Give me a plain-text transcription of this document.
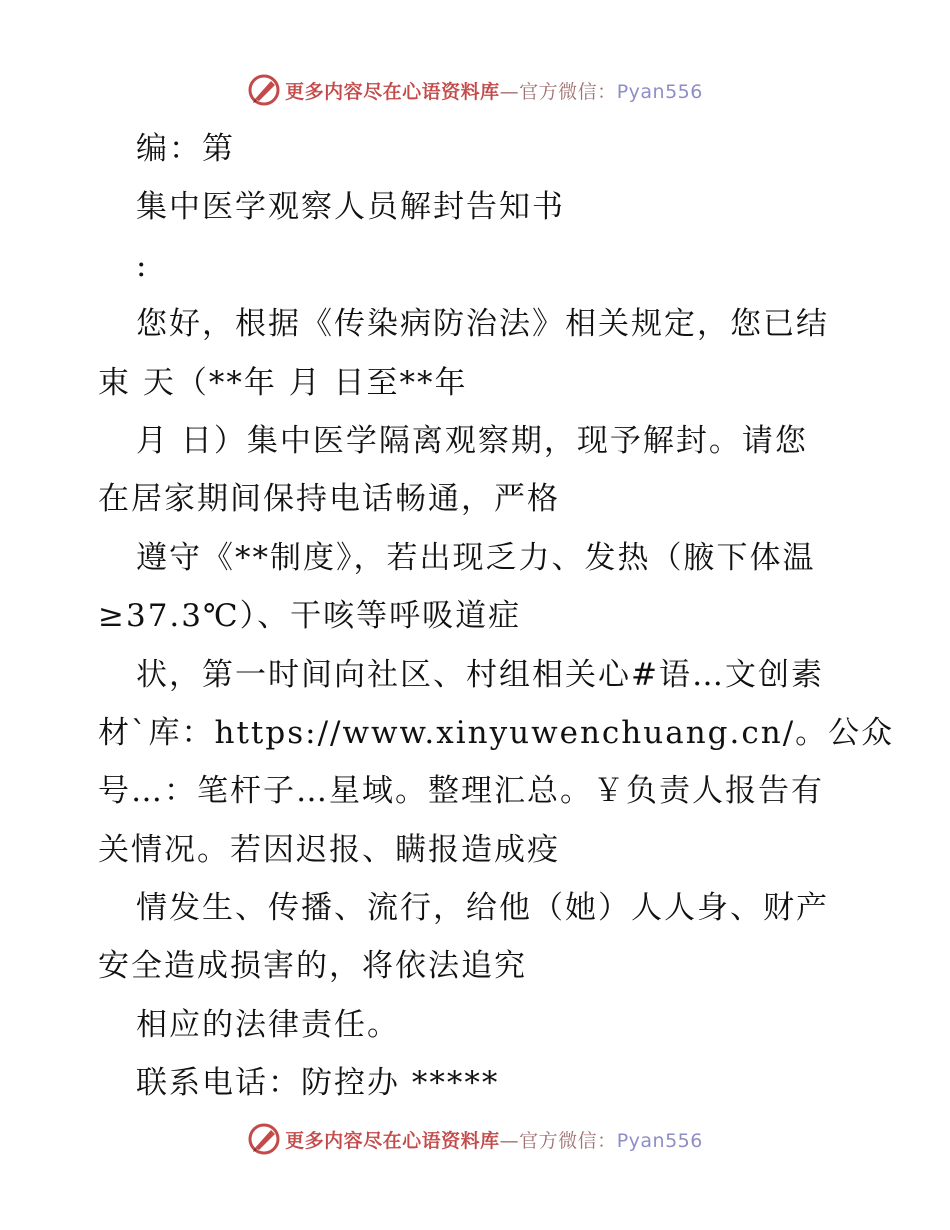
更多内容尽在心语资料库—官方微信：Pyan556
编：第
集中医学观察人员解封告知书
:
您好，根据《传染病防治法》相关规定，您已结
束 天（**年 月 日至**年
月 日）集中医学隔离观察期，现予解封。请您
在居家期间保持电话畅通，严格
遵守《**制度》，若出现乏力、发热（腋下体温
≥37.3℃）、干咳等呼吸道症
状，第一时间向社区、村组相关心#语…文创素
材`库：https://www.xinyuwenchuang.cn/。公众
号…：笔杆子…星域。整理汇总。￥负责人报告有
关情况。若因迟报、瞒报造成疫
情发生、传播、流行，给他（她）人人身、财产
安全造成损害的，将依法追究
相应的法律责任。
联系电话：防控办 *****
更多内容尽在心语资料库—官方微信：Pyan556
